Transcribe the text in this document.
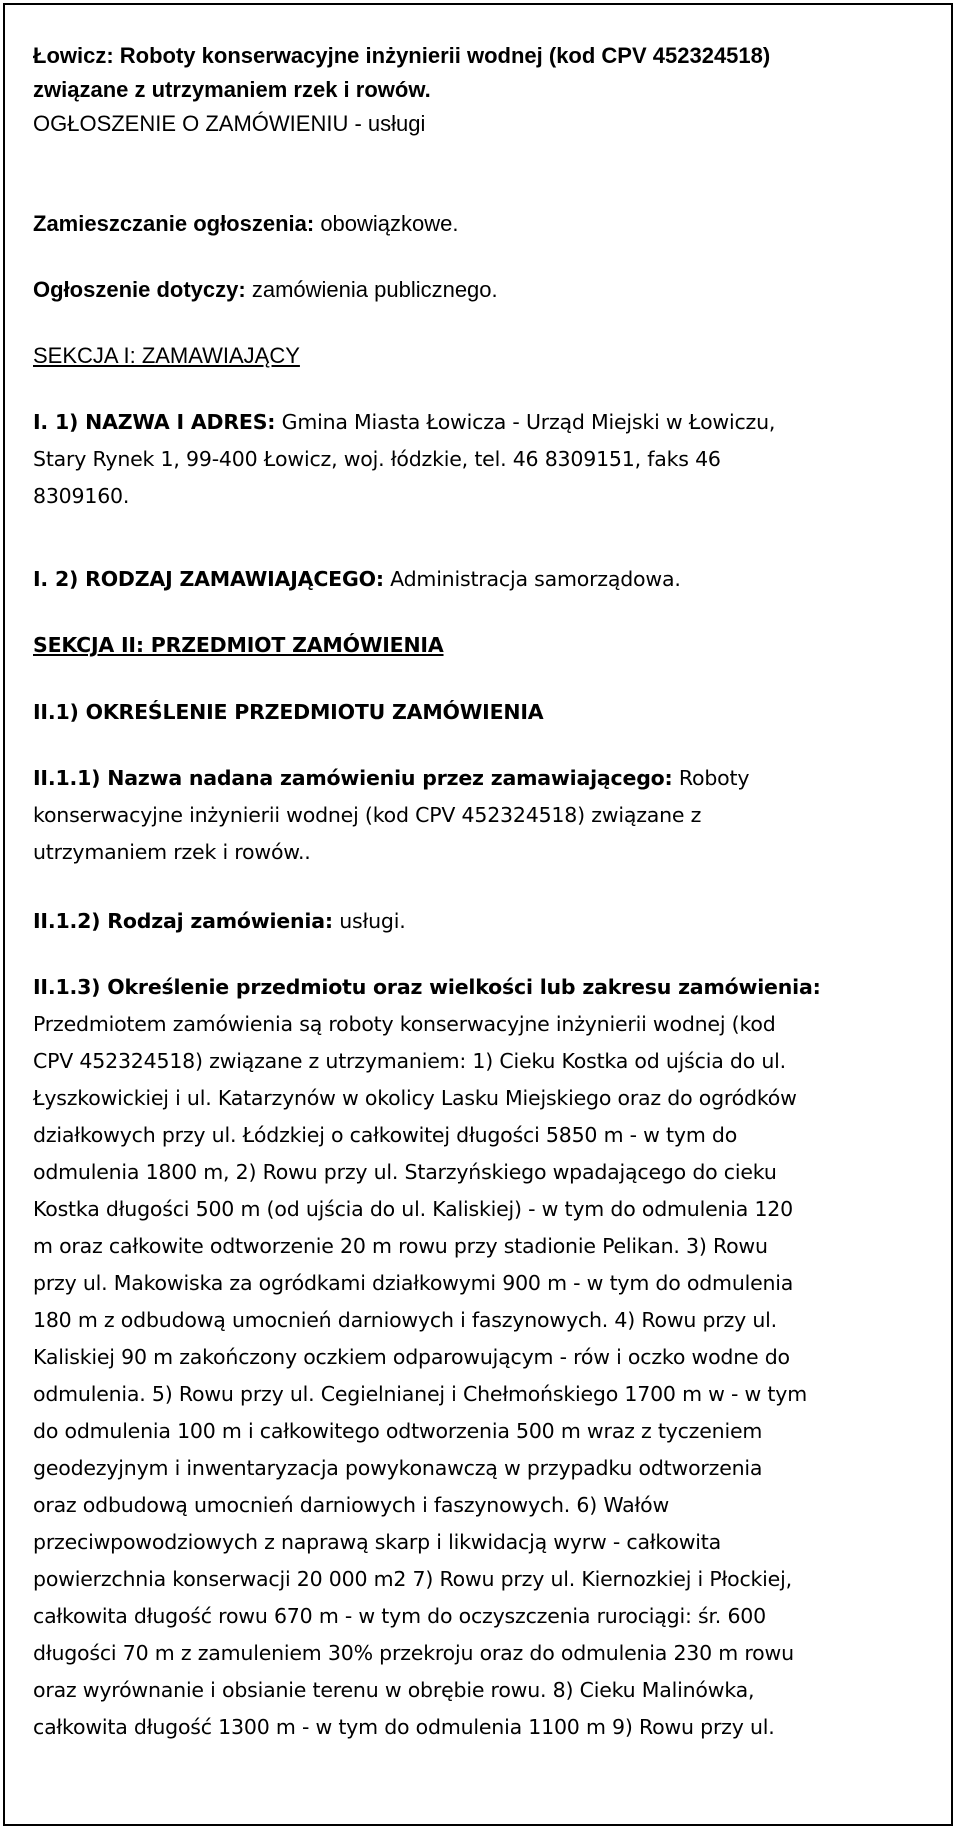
Łowicz: Roboty konserwacyjne inżynierii wodnej (kod CPV 452324518)
związane z utrzymaniem rzek i rowów.
OGŁOSZENIE O ZAMÓWIENIU - usługi
Zamieszczanie ogłoszenia: obowiązkowe.
Ogłoszenie dotyczy: zamówienia publicznego.
SEKCJA I: ZAMAWIAJĄCY
I. 1) NAZWA I ADRES: Gmina Miasta Łowicza - Urząd Miejski w Łowiczu,
Stary Rynek 1, 99-400 Łowicz, woj. łódzkie, tel. 46 8309151, faks 46
8309160.
I. 2) RODZAJ ZAMAWIAJĄCEGO: Administracja samorządowa.
SEKCJA II: PRZEDMIOT ZAMÓWIENIA
II.1) OKREŚLENIE PRZEDMIOTU ZAMÓWIENIA
II.1.1) Nazwa nadana zamówieniu przez zamawiającego: Roboty
konserwacyjne inżynierii wodnej (kod CPV 452324518) związane z
utrzymaniem rzek i rowów..
II.1.2) Rodzaj zamówienia: usługi.
II.1.3) Określenie przedmiotu oraz wielkości lub zakresu zamówienia:
Przedmiotem zamówienia są roboty konserwacyjne inżynierii wodnej (kod
CPV 452324518) związane z utrzymaniem: 1) Cieku Kostka od ujścia do ul.
Łyszkowickiej i ul. Katarzynów w okolicy Lasku Miejskiego oraz do ogródków
działkowych przy ul. Łódzkiej o całkowitej długości 5850 m - w tym do
odmulenia 1800 m, 2) Rowu przy ul. Starzyńskiego wpadającego do cieku
Kostka długości 500 m (od ujścia do ul. Kaliskiej) - w tym do odmulenia 120
m oraz całkowite odtworzenie 20 m rowu przy stadionie Pelikan. 3) Rowu
przy ul. Makowiska za ogródkami działkowymi 900 m - w tym do odmulenia
180 m z odbudową umocnień darniowych i faszynowych. 4) Rowu przy ul.
Kaliskiej 90 m zakończony oczkiem odparowującym - rów i oczko wodne do
odmulenia. 5) Rowu przy ul. Cegielnianej i Chełmońskiego 1700 m w - w tym
do odmulenia 100 m i całkowitego odtworzenia 500 m wraz z tyczeniem
geodezyjnym i inwentaryzacja powykonawczą w przypadku odtworzenia
oraz odbudową umocnień darniowych i faszynowych. 6) Wałów
przeciwpowodziowych z naprawą skarp i likwidacją wyrw - całkowita
powierzchnia konserwacji 20 000 m2 7) Rowu przy ul. Kiernozkiej i Płockiej,
całkowita długość rowu 670 m - w tym do oczyszczenia rurociągi: śr. 600
długości 70 m z zamuleniem 30% przekroju oraz do odmulenia 230 m rowu
oraz wyrównanie i obsianie terenu w obrębie rowu. 8) Cieku Malinówka,
całkowita długość 1300 m - w tym do odmulenia 1100 m 9) Rowu przy ul.
